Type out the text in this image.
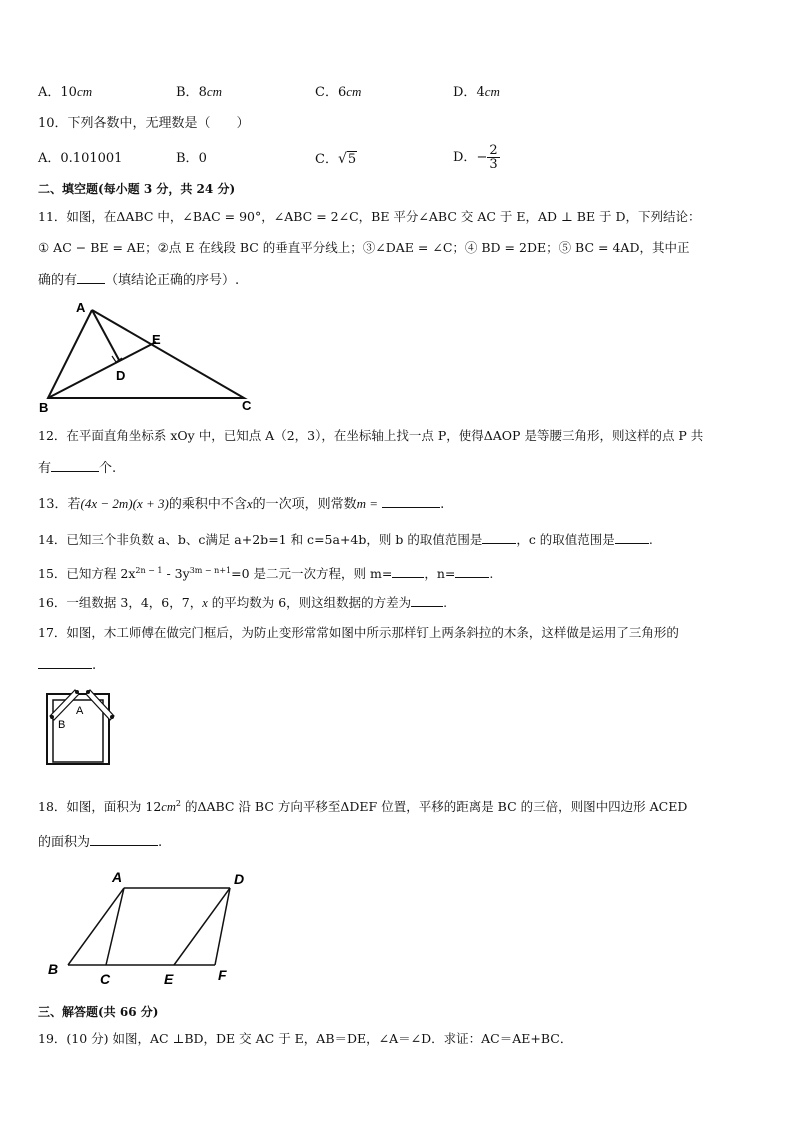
A．10cm	B．8cm	C．6cm	D．4cm
10．下列各数中，无理数是（　　）
A．0.101001	B．0	C．√5	D．− $\frac{2}{3}$
二、填空题(每小题 3 分，共 24 分)
11．如图，在ΔABC 中，∠BAC = 90°，∠ABC = 2∠C，BE 平分∠ABC 交 AC 于 E，AD ⊥ BE 于 D，下列结论：
① AC − BE = AE；②点 E 在线段 BC 的垂直平分线上；③∠DAE = ∠C；④ BD = 2DE；⑤ BC = 4AD，其中正
确的有 （填结论正确的序号）.
A
B	C
D
E
12．在平面直角坐标系 xOy 中，已知点 A（2，3），在坐标轴上找一点 P，使得ΔAOP 是等腰三角形，则这样的点 P 共
有	个.
13．若(4x − 2m)(x + 3)的乘积中不含x的一次项，则常数m =	.
14．已知三个非负数 a、b、c满足 a+2b=1 和 c=5a+4b，则 b 的取值范围是	，c 的取值范围是	.
15．已知方程 $2x^{2n - 1} - 3y^{3m - n+1}=0$ 是二元一次方程，则 m=	，n=	.
16．一组数据 3，4，6，7，x 的平均数为 6，则这组数据的方差为	.
17．如图，木工师傅在做完门框后，为防止变形常常如图中所示那样钉上两条斜拉的木条，这样做是运用了三角形的
.
A
B
18．如图，面积为 $12cm^2$ 的ΔABC 沿 BC 方向平移至ΔDEF 位置，平移的距离是 BC 的三倍，则图中四边形 ACED
的面积为	.
A
B
C
D
E	F
三、解答题(共 66 分)
19．(10 分) 如图，AC ⊥BD，DE 交 AC 于 E，AB＝DE，∠A＝∠D．求证：AC＝AE+BC．
